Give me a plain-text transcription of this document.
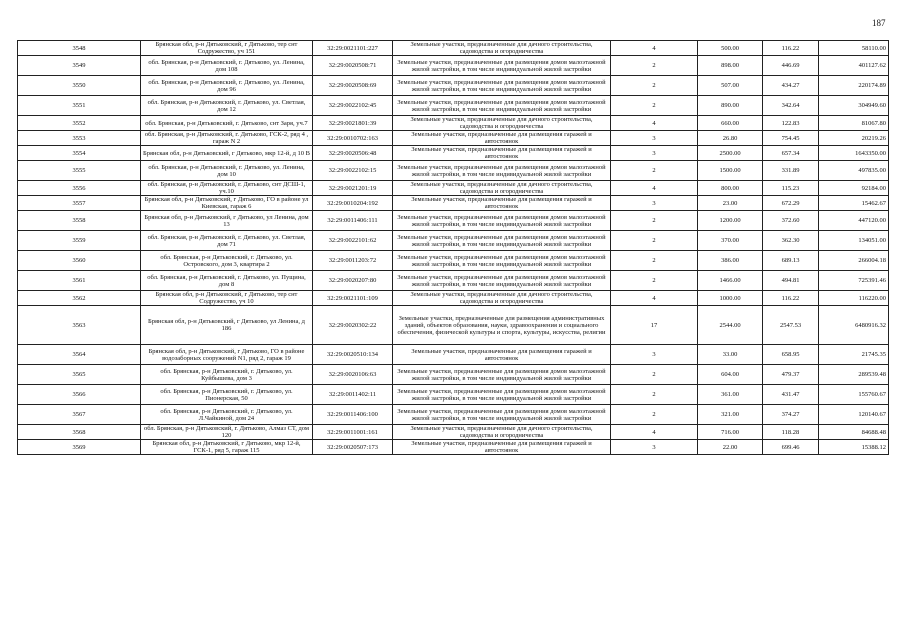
187
3548	Брянская обл, р-н Дятьковский, г Дятьково, тер снт Содружество, уч 151	32:29:0021101:227	Земельные участки, предназначенные для дачного строительства, садоводства и огородничества	4	500.00	116.22	58110.00
3549	обл. Брянская, р-н Дятьковский, г. Дятьково, ул. Ленина, дом 108	32:29:0020508:71	Земельные участки, предназначенные для размещения домов малоэтажной жилой застройки, в том числе индивидуальной жилой застройки	2	898.00	446.69	401127.62
3550	обл. Брянская, р-н Дятьковский, г. Дятьково, ул. Ленина, дом 96	32:29:0020508:69	Земельные участки, предназначенные для размещения домов малоэтажной жилой застройки, в том числе индивидуальной жилой застройки	2	507.00	434.27	220174.89
3551	обл. Брянская, р-н Дятьковский, г. Дятьково, ул. Светлая, дом 12	32:29:0022102:45	Земельные участки, предназначенные для размещения домов малоэтажной жилой застройки, в том числе индивидуальной жилой застройки	2	890.00	342.64	304949.60
3552	обл. Брянская, р-н Дятьковский, г. Дятьково, снт Заря, уч.7	32:29:0021801:39	Земельные участки, предназначенные для дачного строительства, садоводства и огородничества	4	660.00	122.83	81067.80
3553	обл. Брянская, р-н Дятьковский, г. Дятьково, ГСК-2, ряд 4 , гараж N 2	32:29:0010702:163	Земельные участки, предназначенные для размещения гаражей и автостоянок	3	26.80	754.45	20219.26
3554	Брянская обл, р-н Дятьковский, г Дятьково, мкр 12-й, д 10 В	32:29:0020506:48	Земельные участки, предназначенные для размещения гаражей и автостоянок	3	2500.00	657.34	1643350.00
3555	обл. Брянская, р-н Дятьковский, г. Дятьково, ул. Ленина, дом 10	32:29:0022102:15	Земельные участки, предназначенные для размещения домов малоэтажной жилой застройки, в том числе индивидуальной жилой застройки	2	1500.00	331.89	497835.00
3556	обл. Брянская, р-н Дятьковский, г. Дятьково, снт ДСШ-1, уч.10	32:29:0021201:19	Земельные участки, предназначенные для дачного строительства, садоводства и огородничества	4	800.00	115.23	92184.00
3557	Брянская обл, р-н Дятьковский, г Дятьково, ГО в районе ул Киевская, гараж 6	32:29:0010204:192	Земельные участки, предназначенные для размещения гаражей и автостоянок	3	23.00	672.29	15462.67
3558	Брянская обл, р-н Дятьковский, г Дятьково, ул Ленина, дом 13	32:29:0011406:111	Земельные участки, предназначенные для размещения домов малоэтажной жилой застройки, в том числе индивидуальной жилой застройки	2	1200.00	372.60	447120.00
3559	обл. Брянская, р-н Дятьковский, г. Дятьково, ул. Светлая, дом 71	32:29:0022101:62	Земельные участки, предназначенные для размещения домов малоэтажной жилой застройки, в том числе индивидуальной жилой застройки	2	370.00	362.30	134051.00
3560	обл. Брянская, р-н Дятьковский, г. Дятьково, ул. Островского, дом 3, квартира 2	32:29:0011203:72	Земельные участки, предназначенные для размещения домов малоэтажной жилой застройки, в том числе индивидуальной жилой застройки	2	386.00	689.13	266004.18
3561	обл. Брянская, р-н Дятьковский, г. Дятьково, ул. Пущина, дом 8	32:29:0020207:80	Земельные участки, предназначенные для размещения домов малоэтажной жилой застройки, в том числе индивидуальной жилой застройки	2	1466.00	494.81	725391.46
3562	Брянская обл, р-н Дятьковский, г Дятьково, тер снт Содружество, уч 10	32:29:0021101:109	Земельные участки, предназначенные для дачного строительства, садоводства и огородничества	4	1000.00	116.22	116220.00
3563	Брянская обл, р-н Дятьковский, г Дятьково, ул Ленина, д 186	32:29:0020302:22	Земельные участки, предназначенные для размещения административных зданий, объектов образования, науки, здравоохранения и социального обеспечения, физической культуры и спорта, культуры, искусства, религии	17	2544.00	2547.53	6480916.32
3564	Брянская обл, р-н Дятьковский, г Дятьково, ГО в районе водозаборных сооружений N1, ряд 2, гараж 19	32:29:0020510:134	Земельные участки, предназначенные для размещения гаражей и автостоянок	3	33.00	658.95	21745.35
3565	обл. Брянская, р-н Дятьковский, г. Дятьково, ул. Куйбышева, дом 3	32:29:0020106:63	Земельные участки, предназначенные для размещения домов малоэтажной жилой застройки, в том числе индивидуальной жилой застройки	2	604.00	479.37	289539.48
3566	обл. Брянская, р-н Дятьковский, г. Дятьково, ул. Пионерская, 50	32:29:0011402:11	Земельные участки, предназначенные для размещения домов малоэтажной жилой застройки, в том числе индивидуальной жилой застройки	2	361.00	431.47	155760.67
3567	обл. Брянская, р-н Дятьковский, г. Дятьково, ул. Л.Чайкиной, дом 24	32:29:0011406:100	Земельные участки, предназначенные для размещения домов малоэтажной жилой застройки, в том числе индивидуальной жилой застройки	2	321.00	374.27	120140.67
3568	обл. Брянская, р-н Дятьковский, г. Дятьково, Алмаз СТ, дом 120	32:29:0011001:161	Земельные участки, предназначенные для дачного строительства, садоводства и огородничества	4	716.00	118.28	84688.48
3569	Брянская обл, р-н Дятьковский, г Дятьково, мкр 12-й, ГСК-1, ряд 5, гараж 115	32:29:0020507:173	Земельные участки, предназначенные для размещения гаражей и автостоянок	3	22.00	699.46	15388.12
